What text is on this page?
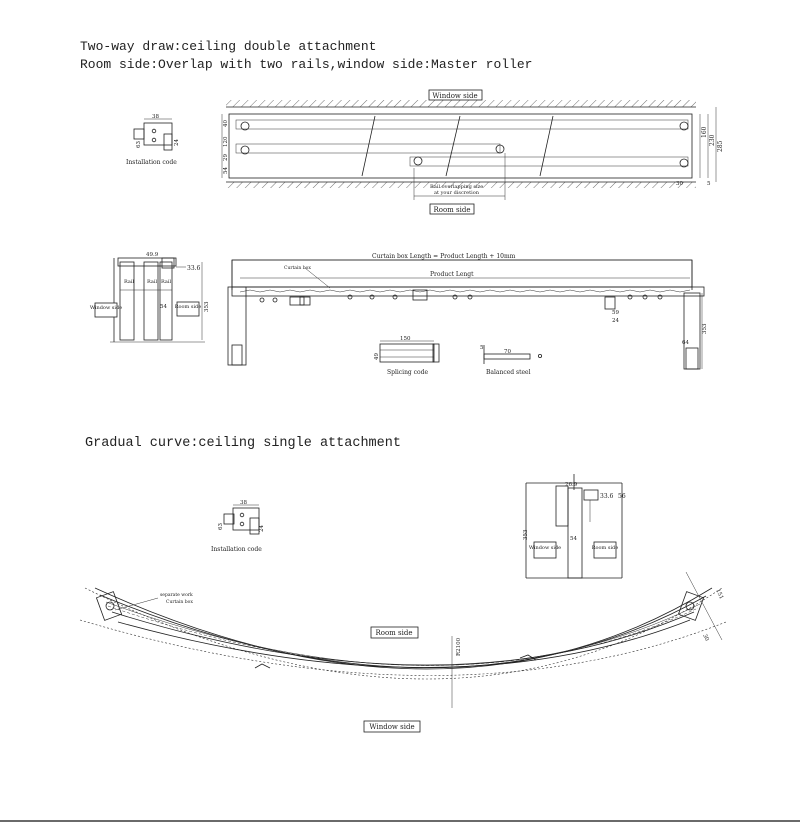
Two-way draw:ceiling double attachment
Room side:Overlap with two rails,window side:Master roller
Gradual curve:ceiling single attachment
160
230
285
40
120
29
54
5
30
Rail overlapping size
at your discretion
Window side
Room side
38
63	24
Installation code
Rail	Rail Rail
49.9
33.6
54	353
Window side	Room side
Curtain box Length = Product Length + 10mm
Product Lengt
Curtain box
59
24
64
353
150
49
Splicing code
70
5
Balanced steel
38
63	24
Installation code
26.9
33.6 56
54
353
Window side	Room side
R2100
separate work
Curtain box
151
30
Room side
Window side
